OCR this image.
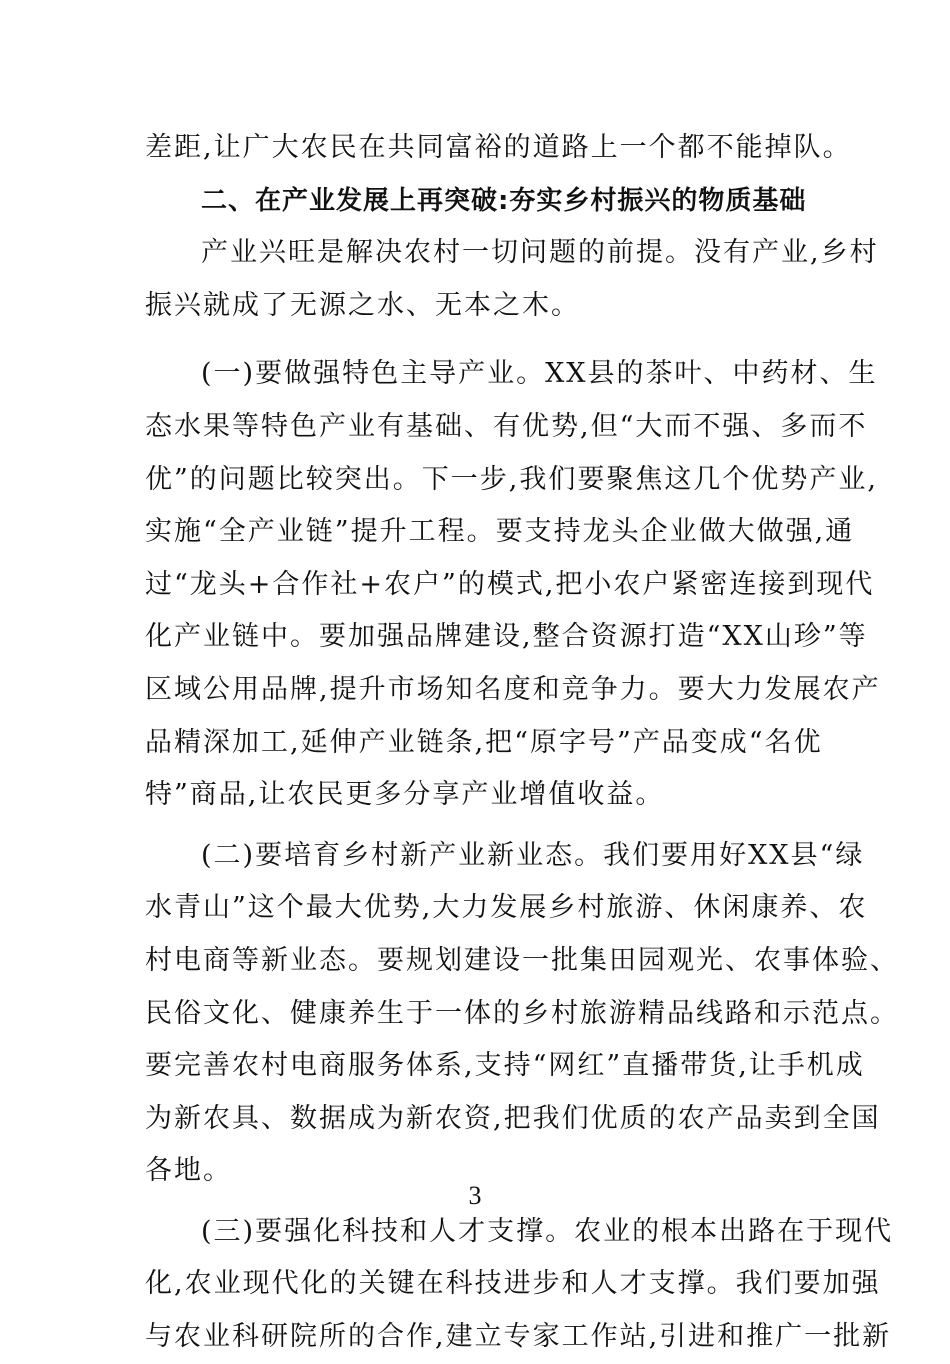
差距,让广大农民在共同富裕的道路上一个都不能掉队。
二、在产业发展上再突破:夯实乡村振兴的物质基础
产业兴旺是解决农村一切问题的前提。没有产业,乡村
振兴就成了无源之水、无本之木。
(一)要做强特色主导产业。XX县的茶叶、中药材、生
态水果等特色产业有基础、有优势,但“大而不强、多而不
优”的问题比较突出。下一步,我们要聚焦这几个优势产业,
实施“全产业链”提升工程。要支持龙头企业做大做强,通
过“龙头+合作社+农户”的模式,把小农户紧密连接到现代
化产业链中。要加强品牌建设,整合资源打造“XX山珍”等
区域公用品牌,提升市场知名度和竞争力。要大力发展农产
品精深加工,延伸产业链条,把“原字号”产品变成“名优
特”商品,让农民更多分享产业增值收益。
(二)要培育乡村新产业新业态。我们要用好XX县“绿
水青山”这个最大优势,大力发展乡村旅游、休闲康养、农
村电商等新业态。要规划建设一批集田园观光、农事体验、
民俗文化、健康养生于一体的乡村旅游精品线路和示范点。
要完善农村电商服务体系,支持“网红”直播带货,让手机成
为新农具、数据成为新农资,把我们优质的农产品卖到全国
各地。
(三)要强化科技和人才支撑。农业的根本出路在于现代
化,农业现代化的关键在科技进步和人才支撑。我们要加强
与农业科研院所的合作,建立专家工作站,引进和推广一批新
3
